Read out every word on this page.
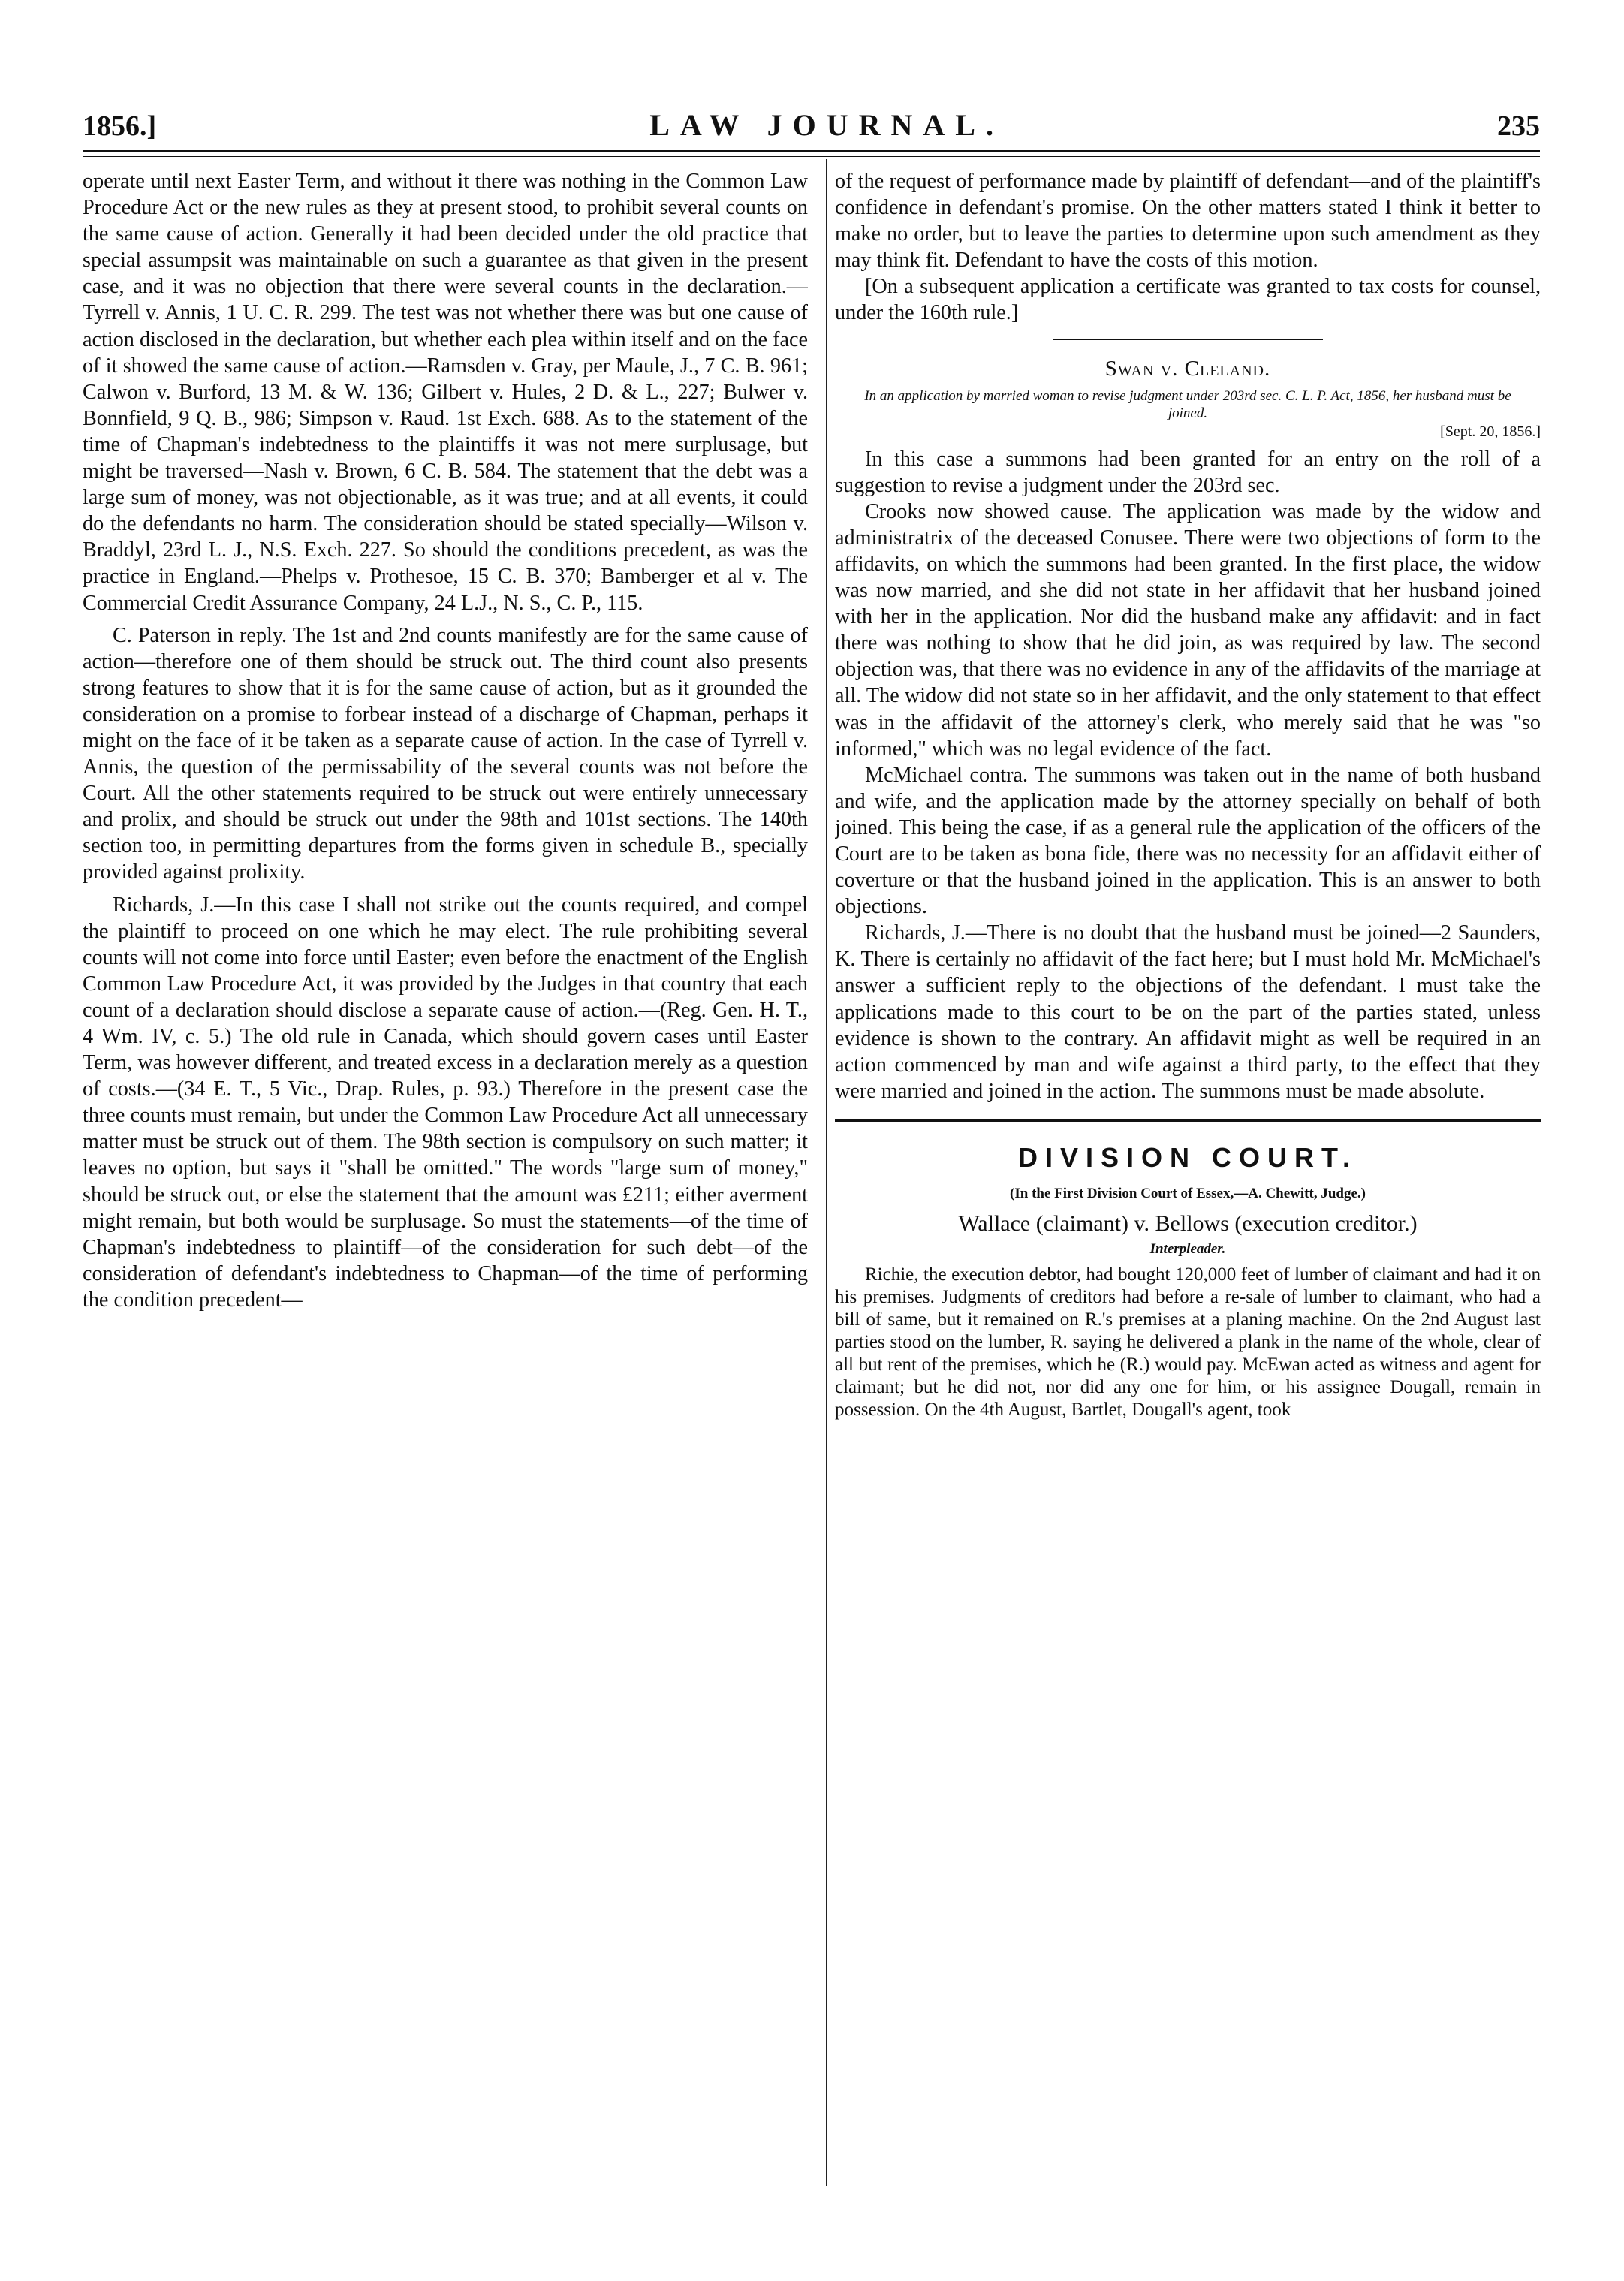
1856.]	LAW JOURNAL.	235

operate until next Easter Term, and without it there was nothing in the Common Law Procedure Act or the new rules as they at present stood, to prohibit several counts on the same cause of action. Generally it had been decided under the old practice that special assumpsit was maintainable on such a guarantee as that given in the present case, and it was no objection that there were several counts in the declaration.—Tyrrell v. Annis, 1 U. C. R. 299. The test was not whether there was but one cause of action disclosed in the declaration, but whether each plea within itself and on the face of it showed the same cause of action.—Ramsden v. Gray, per Maule, J., 7 C. B. 961; Calwon v. Burford, 13 M. & W. 136; Gilbert v. Hules, 2 D. & L., 227; Bulwer v. Bonnfield, 9 Q. B., 986; Simpson v. Raud. 1st Exch. 688. As to the statement of the time of Chapman's indebtedness to the plaintiffs it was not mere surplusage, but might be traversed—Nash v. Brown, 6 C. B. 584. The statement that the debt was a large sum of money, was not objectionable, as it was true; and at all events, it could do the defendants no harm. The consideration should be stated specially—Wilson v. Braddyl, 23rd L. J., N.S. Exch. 227. So should the conditions precedent, as was the practice in England.—Phelps v. Prothesoe, 15 C. B. 370; Bamberger et al v. The Commercial Credit Assurance Company, 24 L.J., N. S., C. P., 115.

C. Paterson in reply. The 1st and 2nd counts manifestly are for the same cause of action—therefore one of them should be struck out. The third count also presents strong features to show that it is for the same cause of action, but as it grounded the consideration on a promise to forbear instead of a discharge of Chapman, perhaps it might on the face of it be taken as a separate cause of action. In the case of Tyrrell v. Annis, the question of the permissability of the several counts was not before the Court. All the other statements required to be struck out were entirely unnecessary and prolix, and should be struck out under the 98th and 101st sections. The 140th section too, in permitting departures from the forms given in schedule B., specially provided against prolixity.

Richards, J.—In this case I shall not strike out the counts required, and compel the plaintiff to proceed on one which he may elect. The rule prohibiting several counts will not come into force until Easter; even before the enactment of the English Common Law Procedure Act, it was provided by the Judges in that country that each count of a declaration should disclose a separate cause of action.—(Reg. Gen. H. T., 4 Wm. IV, c. 5.) The old rule in Canada, which should govern cases until Easter Term, was however different, and treated excess in a declaration merely as a question of costs.—(34 E. T., 5 Vic., Drap. Rules, p. 93.) Therefore in the present case the three counts must remain, but under the Common Law Procedure Act all unnecessary matter must be struck out of them. The 98th section is compulsory on such matter; it leaves no option, but says it "shall be omitted." The words "large sum of money," should be struck out, or else the statement that the amount was £211; either averment might remain, but both would be surplusage. So must the statements—of the time of Chapman's indebtedness to plaintiff—of the consideration for such debt—of the consideration of defendant's indebtedness to Chapman—of the time of performing the condition precedent—

of the request of performance made by plaintiff of defendant—and of the plaintiff's confidence in defendant's promise. On the other matters stated I think it better to make no order, but to leave the parties to determine upon such amendment as they may think fit. Defendant to have the costs of this motion.

[On a subsequent application a certificate was granted to tax costs for counsel, under the 160th rule.]

Swan v. Cleland.
In an application by married woman to revise judgment under 203rd sec. C. L. P. Act, 1856, her husband must be joined.
[Sept. 20, 1856.]

In this case a summons had been granted for an entry on the roll of a suggestion to revise a judgment under the 203rd sec.

Crooks now showed cause. The application was made by the widow and administratrix of the deceased Conusee. There were two objections of form to the affidavits, on which the summons had been granted. In the first place, the widow was now married, and she did not state in her affidavit that her husband joined with her in the application. Nor did the husband make any affidavit: and in fact there was nothing to show that he did join, as was required by law. The second objection was, that there was no evidence in any of the affidavits of the marriage at all. The widow did not state so in her affidavit, and the only statement to that effect was in the affidavit of the attorney's clerk, who merely said that he was "so informed," which was no legal evidence of the fact.

McMichael contra. The summons was taken out in the name of both husband and wife, and the application made by the attorney specially on behalf of both joined. This being the case, if as a general rule the application of the officers of the Court are to be taken as bona fide, there was no necessity for an affidavit either of coverture or that the husband joined in the application. This is an answer to both objections.

Richards, J.—There is no doubt that the husband must be joined—2 Saunders, K. There is certainly no affidavit of the fact here; but I must hold Mr. McMichael's answer a sufficient reply to the objections of the defendant. I must take the applications made to this court to be on the part of the parties stated, unless evidence is shown to the contrary. An affidavit might as well be required in an action commenced by man and wife against a third party, to the effect that they were married and joined in the action. The summons must be made absolute.

DIVISION COURT.
(In the First Division Court of Essex,—A. Chewitt, Judge.)
Wallace (claimant) v. Bellows (execution creditor.)
Interpleader.

Richie, the execution debtor, had bought 120,000 feet of lumber of claimant and had it on his premises. Judgments of creditors had before a re-sale of lumber to claimant, who had a bill of same, but it remained on R.'s premises at a planing machine. On the 2nd August last parties stood on the lumber, R. saying he delivered a plank in the name of the whole, clear of all but rent of the premises, which he (R.) would pay. McEwan acted as witness and agent for claimant; but he did not, nor did any one for him, or his assignee Dougall, remain in possession. On the 4th August, Bartlet, Dougall's agent, took
